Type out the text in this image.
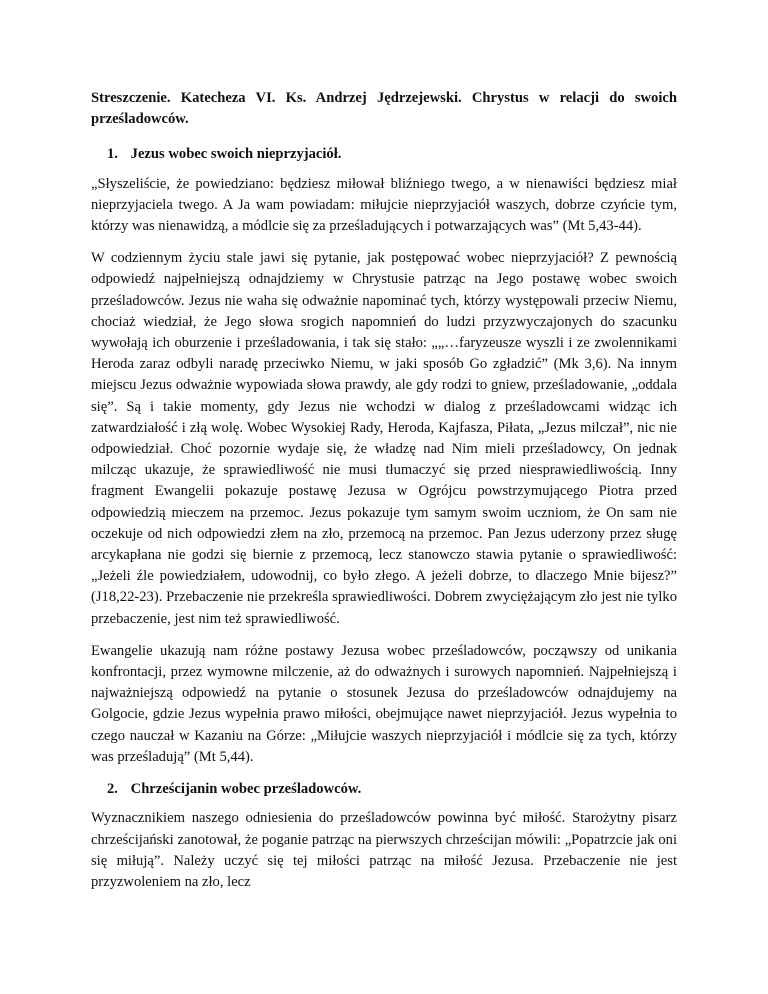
Streszczenie. Katecheza VI. Ks. Andrzej Jędrzejewski. Chrystus w relacji do swoich prześladowców.
1. Jezus wobec swoich nieprzyjaciół.

„Słyszeliście, że powiedziano: będziesz miłował bliźniego twego, a w nienawiści będziesz miał nieprzyjaciela twego. A Ja wam powiadam: miłujcie nieprzyjaciół waszych, dobrze czyńcie tym, którzy was nienawidzą, a módlcie się za prześladujących i potwarzających was” (Mt 5,43-44).

W codziennym życiu stale jawi się pytanie, jak postępować wobec nieprzyjaciół? Z pewnością odpowiedź najpełniejszą odnajdziemy w Chrystusie patrząc na Jego postawę wobec swoich prześladowców. Jezus nie waha się odważnie napominać tych, którzy występowali przeciw Niemu, chociaż wiedział, że Jego słowa srogich napomnień do ludzi przyzwyczajonych do szacunku wywołają ich oburzenie i prześladowania, i tak się stało: „„…faryzeusze wyszli i ze zwolennikami Heroda zaraz odbyli naradę przeciwko Niemu, w jaki sposób Go zgładzić” (Mk 3,6). Na innym miejscu Jezus odważnie wypowiada słowa prawdy, ale gdy rodzi to gniew, prześladowanie, „oddala się”. Są i takie momenty, gdy Jezus nie wchodzi w dialog z prześladowcami widząc ich zatwardziałość i złą wolę. Wobec Wysokiej Rady, Heroda, Kajfasza, Piłata, „Jezus milczał”, nic nie odpowiedział. Choć pozornie wydaje się, że władzę nad Nim mieli prześladowcy, On jednak milcząc ukazuje, że sprawiedliwość nie musi tłumaczyć się przed niesprawiedliwością. Inny fragment Ewangelii pokazuje postawę Jezusa w Ogrójcu powstrzymującego Piotra przed odpowiedzią mieczem na przemoc. Jezus pokazuje tym samym swoim uczniom, że On sam nie oczekuje od nich odpowiedzi złem na zło, przemocą na przemoc. Pan Jezus uderzony przez sługę arcykapłana nie godzi się biernie z przemocą, lecz stanowczo stawia pytanie o sprawiedliwość: „Jeżeli źle powiedziałem, udowodnij, co było złego. A jeżeli dobrze, to dlaczego Mnie bijesz?” (J18,22-23). Przebaczenie nie przekreśla sprawiedliwości. Dobrem zwyciężającym zło jest nie tylko przebaczenie, jest nim też sprawiedliwość.

Ewangelie ukazują nam różne postawy Jezusa wobec prześladowców, począwszy od unikania konfrontacji, przez wymowne milczenie, aż do odważnych i surowych napomnień. Najpełniejszą i najważniejszą odpowiedź na pytanie o stosunek Jezusa do prześladowców odnajdujemy na Golgocie, gdzie Jezus wypełnia prawo miłości, obejmujące nawet nieprzyjaciół. Jezus wypełnia to czego nauczał w Kazaniu na Górze: „Miłujcie waszych nieprzyjaciół i módlcie się za tych, którzy was prześladują” (Mt 5,44).

2. Chrześcijanin wobec prześladowców.

Wyznacznikiem naszego odniesienia do prześladowców powinna być miłość. Starożytny pisarz chrześcijański zanotował, że poganie patrząc na pierwszych chrześcijan mówili: „Popatrzcie jak oni się miłują”. Należy uczyć się tej miłości patrząc na miłość Jezusa. Przebaczenie nie jest przyzwoleniem na zło, lecz
